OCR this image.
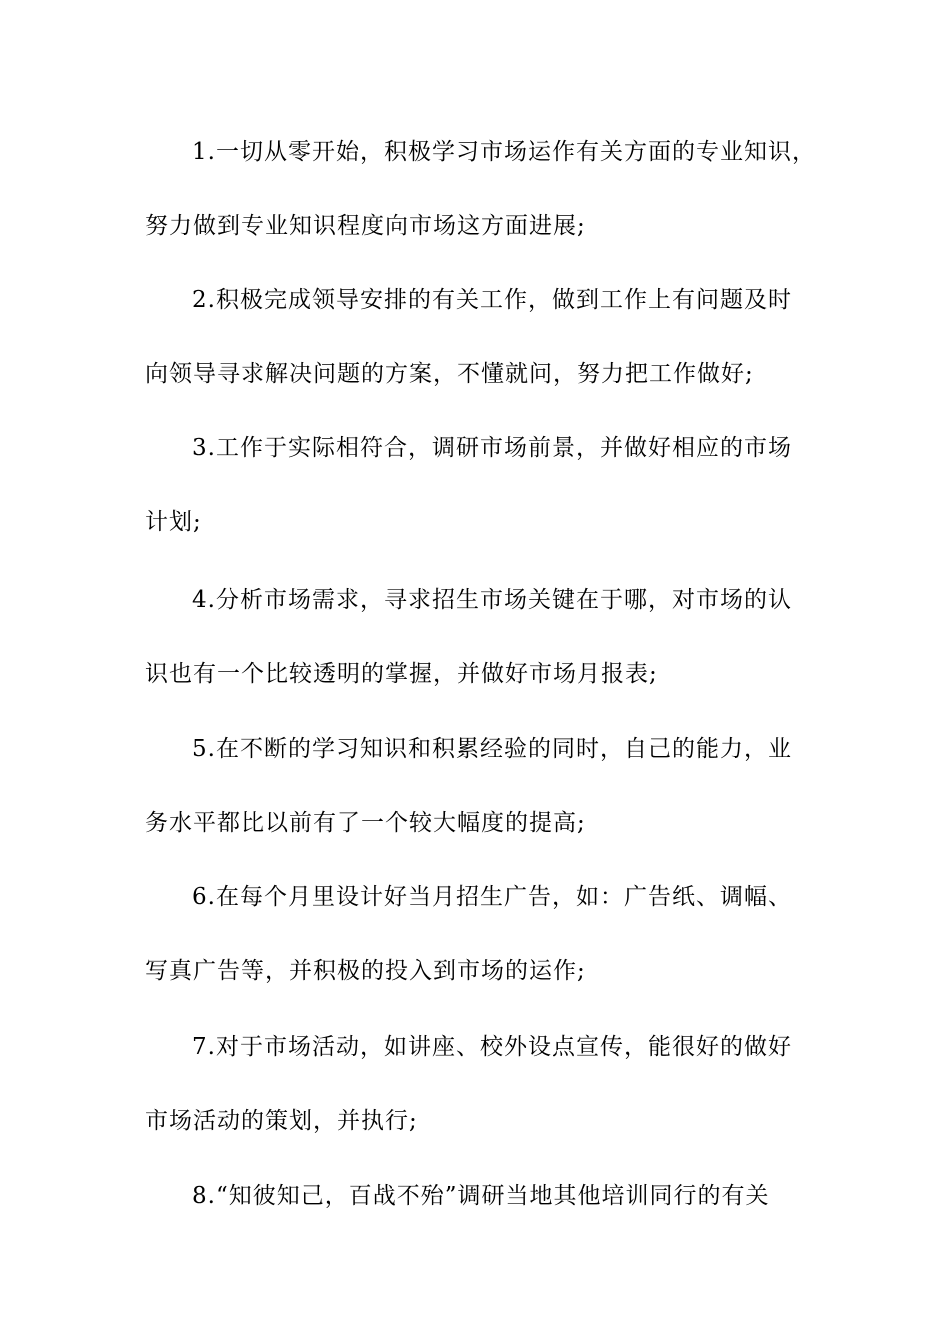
1.一切从零开始，积极学习市场运作有关方面的专业知识，
努力做到专业知识程度向市场这方面进展;
2.积极完成领导安排的有关工作，做到工作上有问题及时
向领导寻求解决问题的方案，不懂就问，努力把工作做好;
3.工作于实际相符合，调研市场前景，并做好相应的市场
计划;
4.分析市场需求，寻求招生市场关键在于哪，对市场的认
识也有一个比较透明的掌握，并做好市场月报表;
5.在不断的学习知识和积累经验的同时，自己的能力，业
务水平都比以前有了一个较大幅度的提高;
6.在每个月里设计好当月招生广告，如：广告纸、调幅、
写真广告等，并积极的投入到市场的运作;
7.对于市场活动，如讲座、校外设点宣传，能很好的做好
市场活动的策划，并执行;
8.“知彼知己，百战不殆”调研当地其他培训同行的有关
